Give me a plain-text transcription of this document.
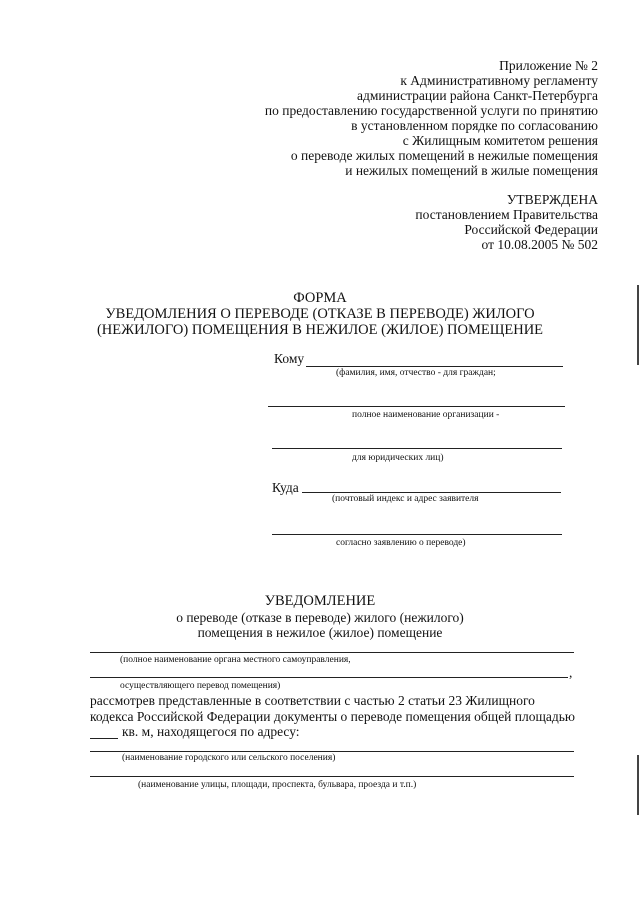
Приложение № 2
к Административному регламенту
администрации района Санкт-Петербурга
по предоставлению государственной услуги по принятию
в установленном порядке по согласованию
с Жилищным комитетом решения
о переводе жилых помещений в нежилые помещения
и нежилых помещений в жилые помещения
УТВЕРЖДЕНА
постановлением Правительства
Российской Федерации
от 10.08.2005 № 502
ФОРМА
УВЕДОМЛЕНИЯ О ПЕРЕВОДЕ (ОТКАЗЕ В ПЕРЕВОДЕ) ЖИЛОГО
(НЕЖИЛОГО) ПОМЕЩЕНИЯ В НЕЖИЛОЕ (ЖИЛОЕ) ПОМЕЩЕНИЕ
Кому
(фамилия, имя, отчество - для граждан;
полное наименование организации -
для юридических лиц)
Куда
(почтовый индекс и адрес заявителя
согласно заявлению о переводе)
УВЕДОМЛЕНИЕ
о переводе (отказе в переводе) жилого (нежилого)
помещения в нежилое (жилое) помещение
(полное наименование органа местного самоуправления,
,
осуществляющего перевод помещения)
рассмотрев представленные в соответствии с частью 2 статьи 23 Жилищного
кодекса Российской Федерации документы о переводе помещения общей площадью
кв. м, находящегося по адресу:
(наименование городского или сельского поселения)
(наименование улицы, площади, проспекта, бульвара, проезда и т.п.)
